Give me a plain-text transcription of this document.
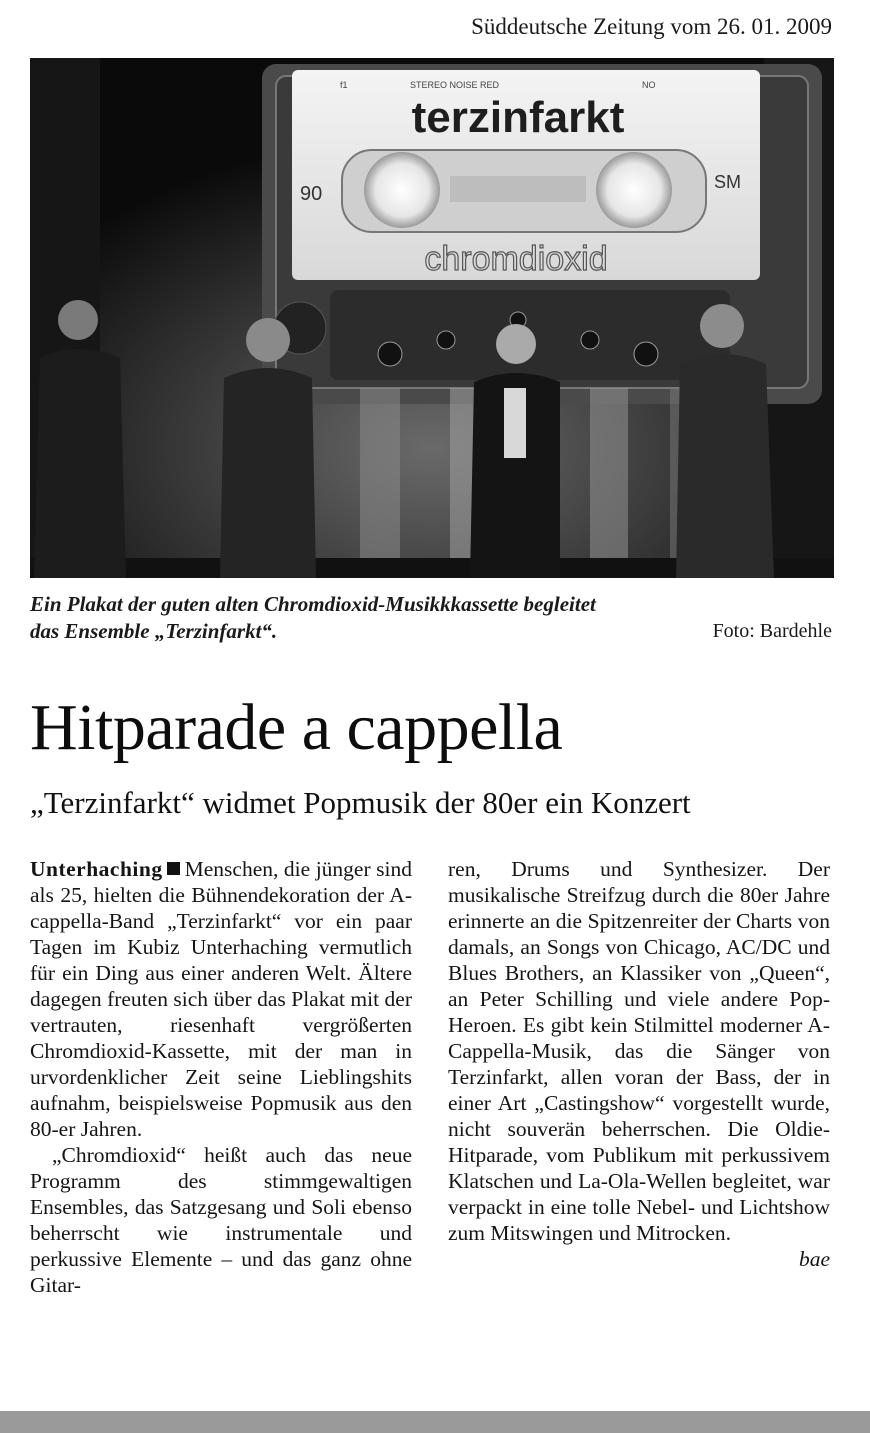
Süddeutsche Zeitung vom 26. 01. 2009
f1	STEREO NOISE RED	NO
terzinfarkt
90
SM
chromdioxid
Ein Plakat der guten alten Chromdioxid-Musikkkassette begleitet
das Ensemble „Terzinfarkt“.	Foto: Bardehle
Hitparade a cappella
„Terzinfarkt“ widmet Popmusik der 80er ein Konzert

Unterhaching Menschen, die jünger sind als 25, hielten die Bühnendekoration der A-cappella-Band „Terzinfarkt“ vor ein paar Tagen im Kubiz Unterhaching vermutlich für ein Ding aus einer anderen Welt. Ältere dagegen freuten sich über das Plakat mit der vertrauten, riesenhaft vergrößerten Chromdioxid-Kassette, mit der man in urvordenklicher Zeit seine Lieblingshits aufnahm, beispielsweise Popmusik aus den 80-er Jahren.

„Chromdioxid“ heißt auch das neue Programm des stimmgewaltigen Ensembles, das Satzgesang und Soli ebenso beherrscht wie instrumentale und perkussive Elemente – und das ganz ohne Gitar-

ren, Drums und Synthesizer. Der musikalische Streifzug durch die 80er Jahre erinnerte an die Spitzenreiter der Charts von damals, an Songs von Chicago, AC/DC und Blues Brothers, an Klassiker von „Queen“, an Peter Schilling und viele andere Pop-Heroen. Es gibt kein Stilmittel moderner A-Cappella-Musik, das die Sänger von Terzinfarkt, allen voran der Bass, der in einer Art „Castingshow“ vorgestellt wurde, nicht souverän beherrschen. Die Oldie-Hitparade, vom Publikum mit perkussivem Klatschen und La-Ola-Wellen begleitet, war verpackt in eine tolle Nebel- und Lichtshow zum Mitswingen und Mitrocken.

bae
